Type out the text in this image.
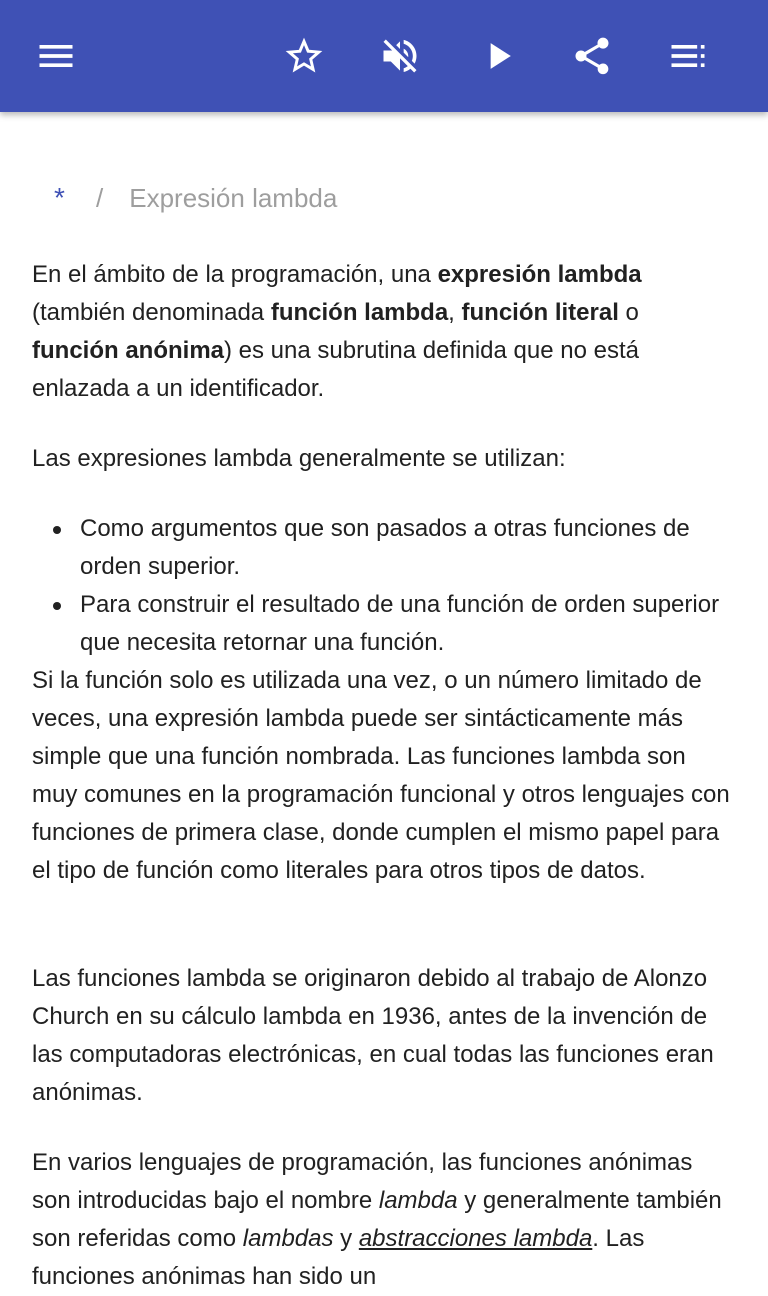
*	/ Expresión lambda

En el ámbito de la programación, una expresión lambda (también denominada función lambda, función literal o función anónima) es una subrutina definida que no está enlazada a un identificador.

Las expresiones lambda generalmente se utilizan:

Como argumentos que son pasados a otras funciones de orden superior.
Para construir el resultado de una función de orden superior que necesita retornar una función.

Si la función solo es utilizada una vez, o un número limitado de veces, una expresión lambda puede ser sintácticamente más simple que una función nombrada. Las funciones lambda son muy comunes en la programación funcional y otros lenguajes con funciones de primera clase, donde cumplen el mismo papel para el tipo de función como literales para otros tipos de datos.

Las funciones lambda se originaron debido al trabajo de Alonzo Church en su cálculo lambda en 1936, antes de la invención de las computadoras electrónicas, en cual todas las funciones eran anónimas.

En varios lenguajes de programación, las funciones anónimas son introducidas bajo el nombre lambda y generalmente también son referidas como lambdas y abstracciones lambda. Las funciones anónimas han sido un
